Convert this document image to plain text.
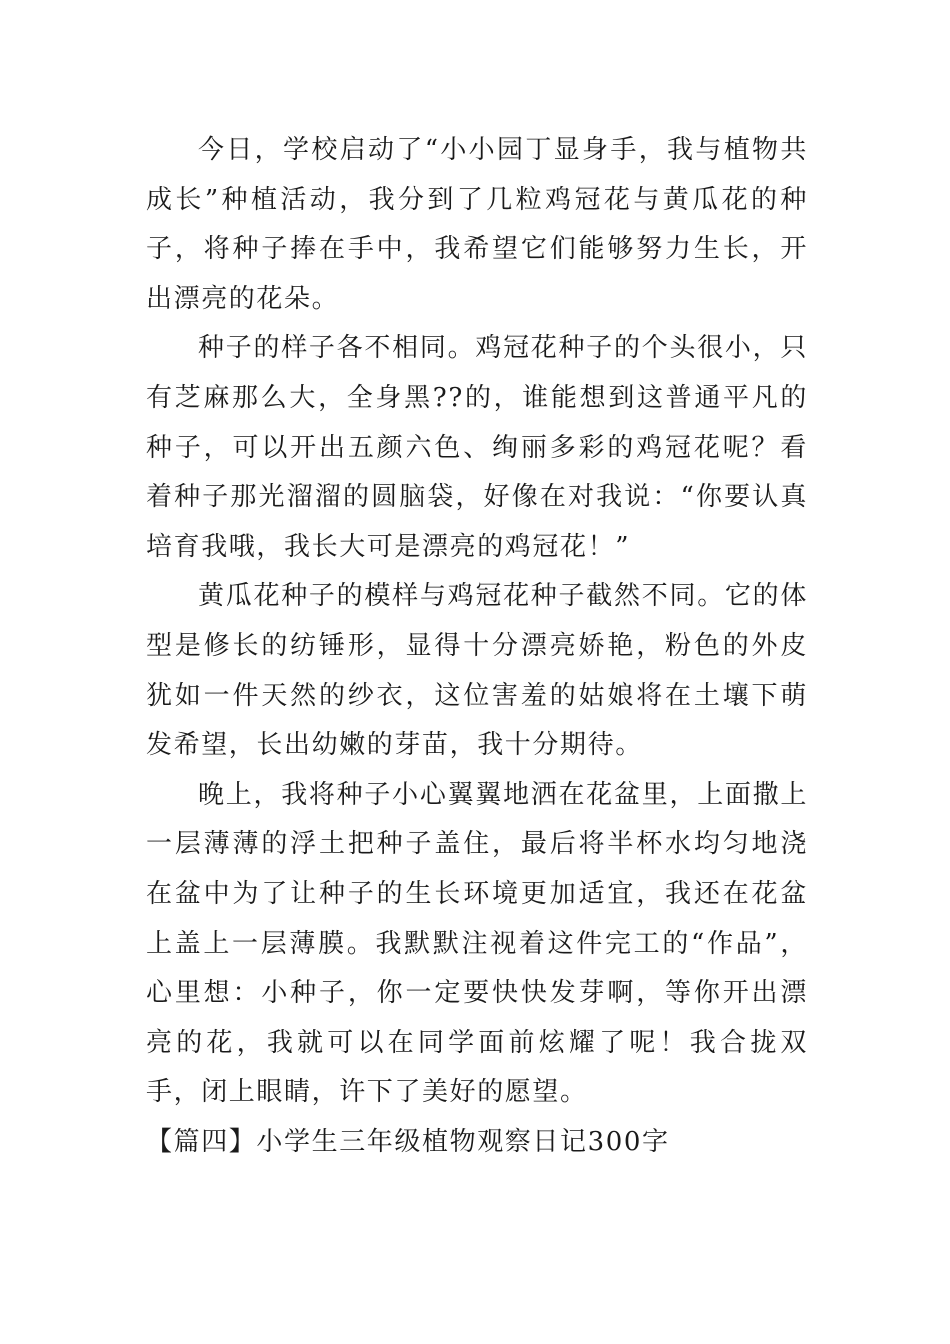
今日，学校启动了“小小园丁显身手，我与植物共成长”种植活动，我分到了几粒鸡冠花与黄瓜花的种子，将种子捧在手中，我希望它们能够努力生长，开出漂亮的花朵。

种子的样子各不相同。鸡冠花种子的个头很小，只有芝麻那么大，全身黑??的，谁能想到这普通平凡的种子，可以开出五颜六色、绚丽多彩的鸡冠花呢？看着种子那光溜溜的圆脑袋，好像在对我说：“你要认真培育我哦，我长大可是漂亮的鸡冠花！”

黄瓜花种子的模样与鸡冠花种子截然不同。它的体型是修长的纺锤形，显得十分漂亮娇艳，粉色的外皮犹如一件天然的纱衣，这位害羞的姑娘将在土壤下萌发希望，长出幼嫩的芽苗，我十分期待。

晚上，我将种子小心翼翼地洒在花盆里，上面撒上一层薄薄的浮土把种子盖住，最后将半杯水均匀地浇在盆中为了让种子的生长环境更加适宜，我还在花盆上盖上一层薄膜。我默默注视着这件完工的“作品”，心里想：小种子，你一定要快快发芽啊，等你开出漂亮的花，我就可以在同学面前炫耀了呢！我合拢双手，闭上眼睛，许下了美好的愿望。

【篇四】小学生三年级植物观察日记300字
